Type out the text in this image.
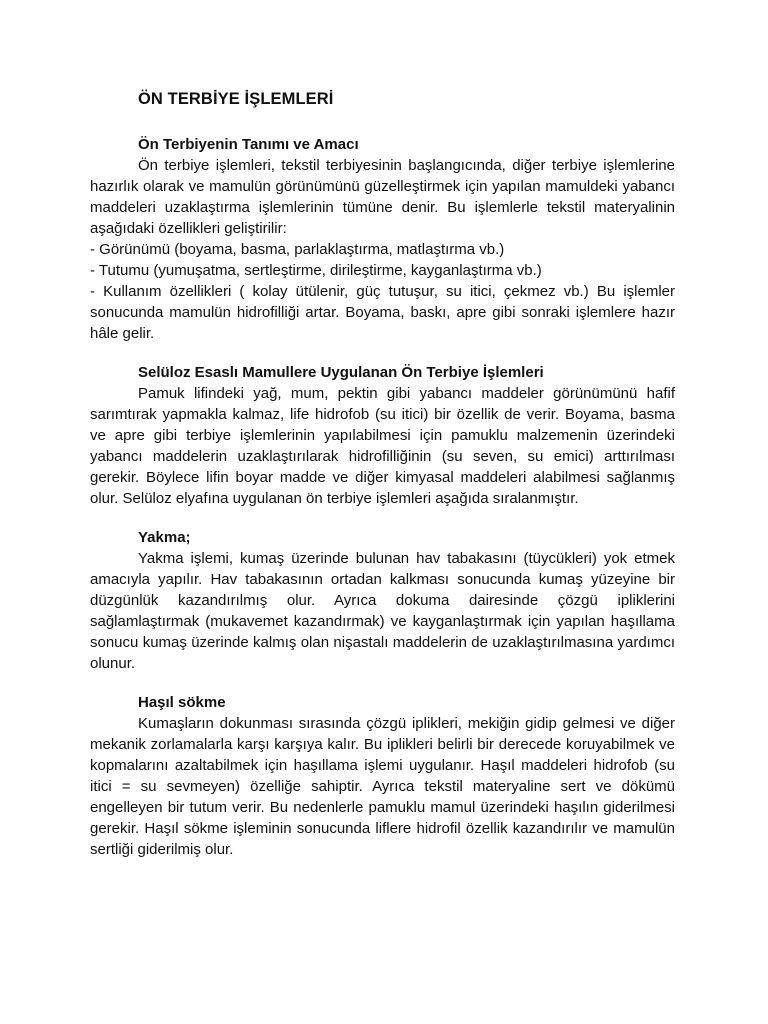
ÖN TERBİYE İŞLEMLERİ
Ön Terbiyenin Tanımı ve Amacı

Ön terbiye işlemleri, tekstil terbiyesinin başlangıcında, diğer terbiye işlemlerine hazırlık olarak ve mamulün görünümünü güzelleştirmek için yapılan mamuldeki yabancı maddeleri uzaklaştırma işlemlerinin tümüne denir. Bu işlemlerle tekstil materyalinin aşağıdaki özellikleri geliştirilir:

- Görünümü (boyama, basma, parlaklaştırma, matlaştırma vb.)

- Tutumu (yumuşatma, sertleştirme, dirileştirme, kayganlaştırma vb.)

- Kullanım özellikleri ( kolay ütülenir, güç tutuşur, su itici, çekmez vb.) Bu işlemler sonucunda mamulün hidrofilliği artar. Boyama, baskı, apre gibi sonraki işlemlere hazır hâle gelir.

Selüloz Esaslı Mamullere Uygulanan Ön Terbiye İşlemleri

Pamuk lifindeki yağ, mum, pektin gibi yabancı maddeler görünümünü hafif sarımtırak yapmakla kalmaz, life hidrofob (su itici) bir özellik de verir. Boyama, basma ve apre gibi terbiye işlemlerinin yapılabilmesi için pamuklu malzemenin üzerindeki yabancı maddelerin uzaklaştırılarak hidrofilliğinin (su seven, su emici) arttırılması gerekir. Böylece lifin boyar madde ve diğer kimyasal maddeleri alabilmesi sağlanmış olur. Selüloz elyafına uygulanan ön terbiye işlemleri aşağıda sıralanmıştır.

Yakma;

Yakma işlemi, kumaş üzerinde bulunan hav tabakasını (tüycükleri) yok etmek amacıyla yapılır. Hav tabakasının ortadan kalkması sonucunda kumaş yüzeyine bir düzgünlük kazandırılmış olur. Ayrıca dokuma dairesinde çözgü ipliklerini sağlamlaştırmak (mukavemet kazandırmak) ve kayganlaştırmak için yapılan haşıllama sonucu kumaş üzerinde kalmış olan nişastalı maddelerin de uzaklaştırılmasına yardımcı olunur.

Haşıl sökme

Kumaşların dokunması sırasında çözgü iplikleri, mekiğin gidip gelmesi ve diğer mekanik zorlamalarla karşı karşıya kalır. Bu iplikleri belirli bir derecede koruyabilmek ve kopmalarını azaltabilmek için haşıllama işlemi uygulanır. Haşıl maddeleri hidrofob (su itici = su sevmeyen) özelliğe sahiptir. Ayrıca tekstil materyaline sert ve dökümü engelleyen bir tutum verir. Bu nedenlerle pamuklu mamul üzerindeki haşılın giderilmesi gerekir. Haşıl sökme işleminin sonucunda liflere hidrofil özellik kazandırılır ve mamulün sertliği giderilmiş olur.
